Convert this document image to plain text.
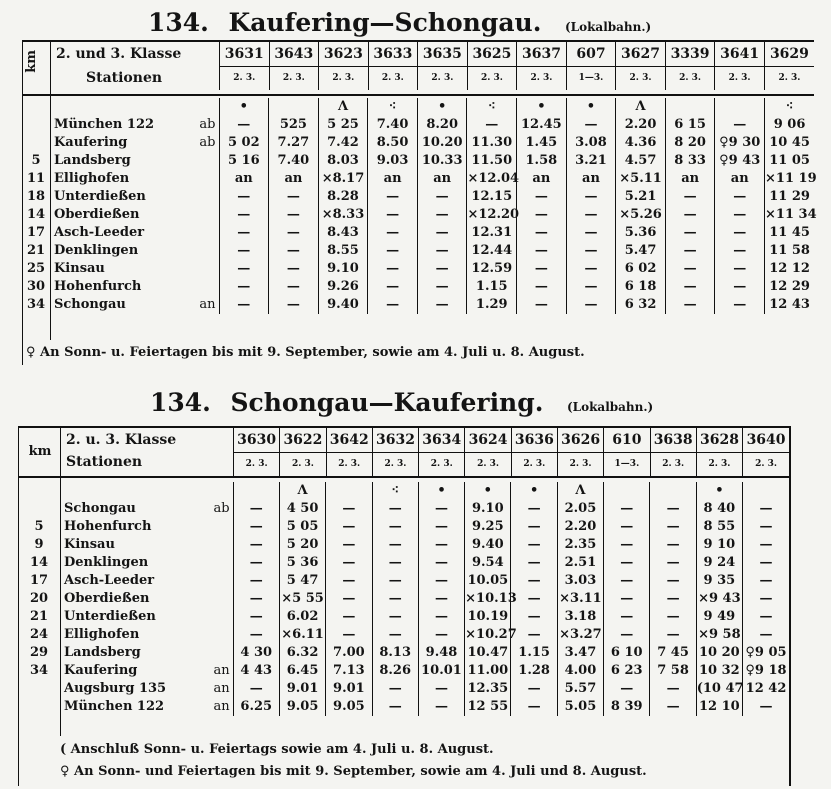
134. Kaufering—Schongau. (Lokalbahn.)
km	2. und 3. Klasse
Stationen
3631	3643	3623	3633	3635	3625	3637	607	3627	3339	3641	3629
2. 3.	2. 3.	2. 3.	2. 3.	2. 3.	2. 3.	2. 3.	1—3.	2. 3.	2. 3.	2. 3.	2. 3.
			•		Λ	⁖	•	⁖	•	•	Λ			⁖
	München 122	ab	—	525	5 25	7.40	8.20	—	12.45	—	2.20	6 15	—	9 06
	Kaufering	ab	5 02	7.27	7.42	8.50	10.20	11.30	1.45	3.08	4.36	8 20	♀9 30	10 45
5	Landsberg		5 16	7.40	8.03	9.03	10.33	11.50	1.58	3.21	4.57	8 33	♀9 43	11 05
11	Ellighofen		an	an	×8.17	an	an	×12.04	an	an	×5.11	an	an	×11 19
18	Unterdießen		—	—	8.28	—	—	12.15	—	—	5.21	—	—	11 29
14	Oberdießen		—	—	×8.33	—	—	×12.20	—	—	×5.26	—	—	×11 34
17	Asch-Leeder		—	—	8.43	—	—	12.31	—	—	5.36	—	—	11 45
21	Denklingen		—	—	8.55	—	—	12.44	—	—	5.47	—	—	11 58
25	Kinsau		—	—	9.10	—	—	12.59	—	—	6 02	—	—	12 12
30	Hohenfurch		—	—	9.26	—	—	1.15	—	—	6 18	—	—	12 29
34	Schongau	an	—	—	9.40	—	—	1.29	—	—	6 32	—	—	12 43
♀ An Sonn- u. Feiertagen bis mit 9. September, sowie am 4. Juli u. 8. August.
134. Schongau—Kaufering. (Lokalbahn.)
km
2. u. 3. Klasse
Stationen
3630	3622	3642	3632	3634	3624	3636	3626	610	3638	3628	3640
2. 3.	2. 3.	2. 3.	2. 3.	2. 3.	2. 3.	2. 3.	2. 3.	1—3.	2. 3.	2. 3.	2. 3.
				Λ		⁖	•	•	•	Λ			•	
	Schongau	ab	—	4 50	—	—	—	9.10	—	2.05	—	—	8 40	—
5	Hohenfurch		—	5 05	—	—	—	9.25	—	2.20	—	—	8 55	—
9	Kinsau		—	5 20	—	—	—	9.40	—	2.35	—	—	9 10	—
14	Denklingen		—	5 36	—	—	—	9.54	—	2.51	—	—	9 24	—
17	Asch-Leeder		—	5 47	—	—	—	10.05	—	3.03	—	—	9 35	—
20	Oberdießen		—	×5 55	—	—	—	×10.13	—	×3.11	—	—	×9 43	—
21	Unterdießen		—	6.02	—	—	—	10.19	—	3.18	—	—	9 49	—
24	Ellighofen		—	×6.11	—	—	—	×10.27	—	×3.27	—	—	×9 58	—
29	Landsberg		4 30	6.32	7.00	8.13	9.48	10.47	1.15	3.47	6 10	7 45	10 20	♀9 05
34	Kaufering	an	4 43	6.45	7.13	8.26	10.01	11.00	1.28	4.00	6 23	7 58	10 32	♀9 18
	Augsburg 135	an	—	9.01	9.01	—	—	12.35	—	5.57	—	—	(10 47	12 42
	München 122	an	6.25	9.05	9.05	—	—	12 55	—	5.05	8 39	—	12 10	—
( Anschluß Sonn- u. Feiertags sowie am 4. Juli u. 8. August.
♀ An Sonn- und Feiertagen bis mit 9. September, sowie am 4. Juli und 8. August.
